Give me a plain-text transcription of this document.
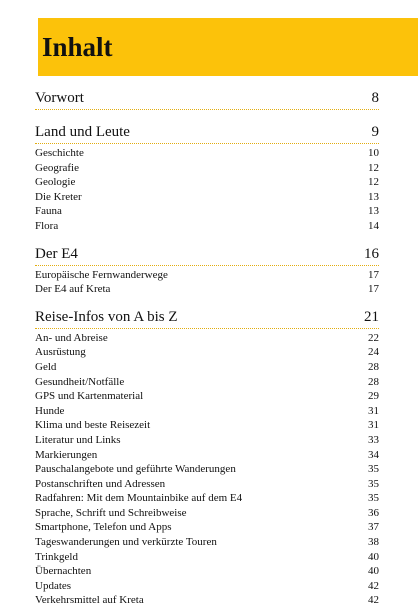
Inhalt
Vorwort	8
Land und Leute	9
Geschichte	10
Geografie	12
Geologie	12
Die Kreter	13
Fauna	13
Flora	14
Der E4	16
Europäische Fernwanderwege	17
Der E4 auf Kreta	17
Reise-Infos von A bis Z	21
An- und Abreise	22
Ausrüstung	24
Geld	28
Gesundheit/Notfälle	28
GPS und Kartenmaterial	29
Hunde	31
Klima und beste Reisezeit	31
Literatur und Links	33
Markierungen	34
Pauschalangebote und geführte Wanderungen	35
Postanschriften und Adressen	35
Radfahren: Mit dem Mountainbike auf dem E4	35
Sprache, Schrift und Schreibweise	36
Smartphone, Telefon und Apps	37
Tageswanderungen und verkürzte Touren	38
Trinkgeld	40
Übernachten	40
Updates	42
Verkehrsmittel auf Kreta	42
